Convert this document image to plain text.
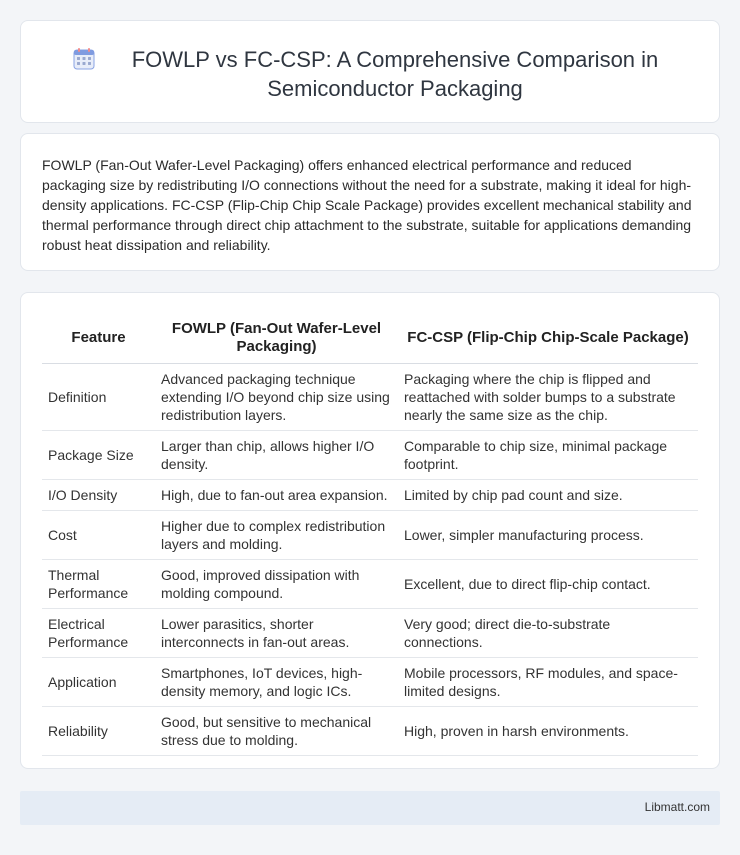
FOWLP vs FC-CSP: A Comprehensive Comparison in Semiconductor Packaging

FOWLP (Fan-Out Wafer-Level Packaging) offers enhanced electrical performance and reduced packaging size by redistributing I/O connections without the need for a substrate, making it ideal for high-density applications. FC-CSP (Flip-Chip Chip Scale Package) provides excellent mechanical stability and thermal performance through direct chip attachment to the substrate, suitable for applications demanding robust heat dissipation and reliability.

Feature	FOWLP (Fan-Out Wafer-Level Packaging)	FC-CSP (Flip-Chip Chip-Scale Package)
Definition	Advanced packaging technique extending I/O beyond chip size using redistribution layers.	Packaging where the chip is flipped and reattached with solder bumps to a substrate nearly the same size as the chip.
Package Size	Larger than chip, allows higher I/O density.	Comparable to chip size, minimal package footprint.
I/O Density	High, due to fan-out area expansion.	Limited by chip pad count and size.
Cost	Higher due to complex redistribution layers and molding.	Lower, simpler manufacturing process.
Thermal Performance	Good, improved dissipation with molding compound.	Excellent, due to direct flip-chip contact.
Electrical Performance	Lower parasitics, shorter interconnects in fan-out areas.	Very good; direct die-to-substrate connections.
Application	Smartphones, IoT devices, high-density memory, and logic ICs.	Mobile processors, RF modules, and space-limited designs.
Reliability	Good, but sensitive to mechanical stress due to molding.	High, proven in harsh environments.
Libmatt.com
